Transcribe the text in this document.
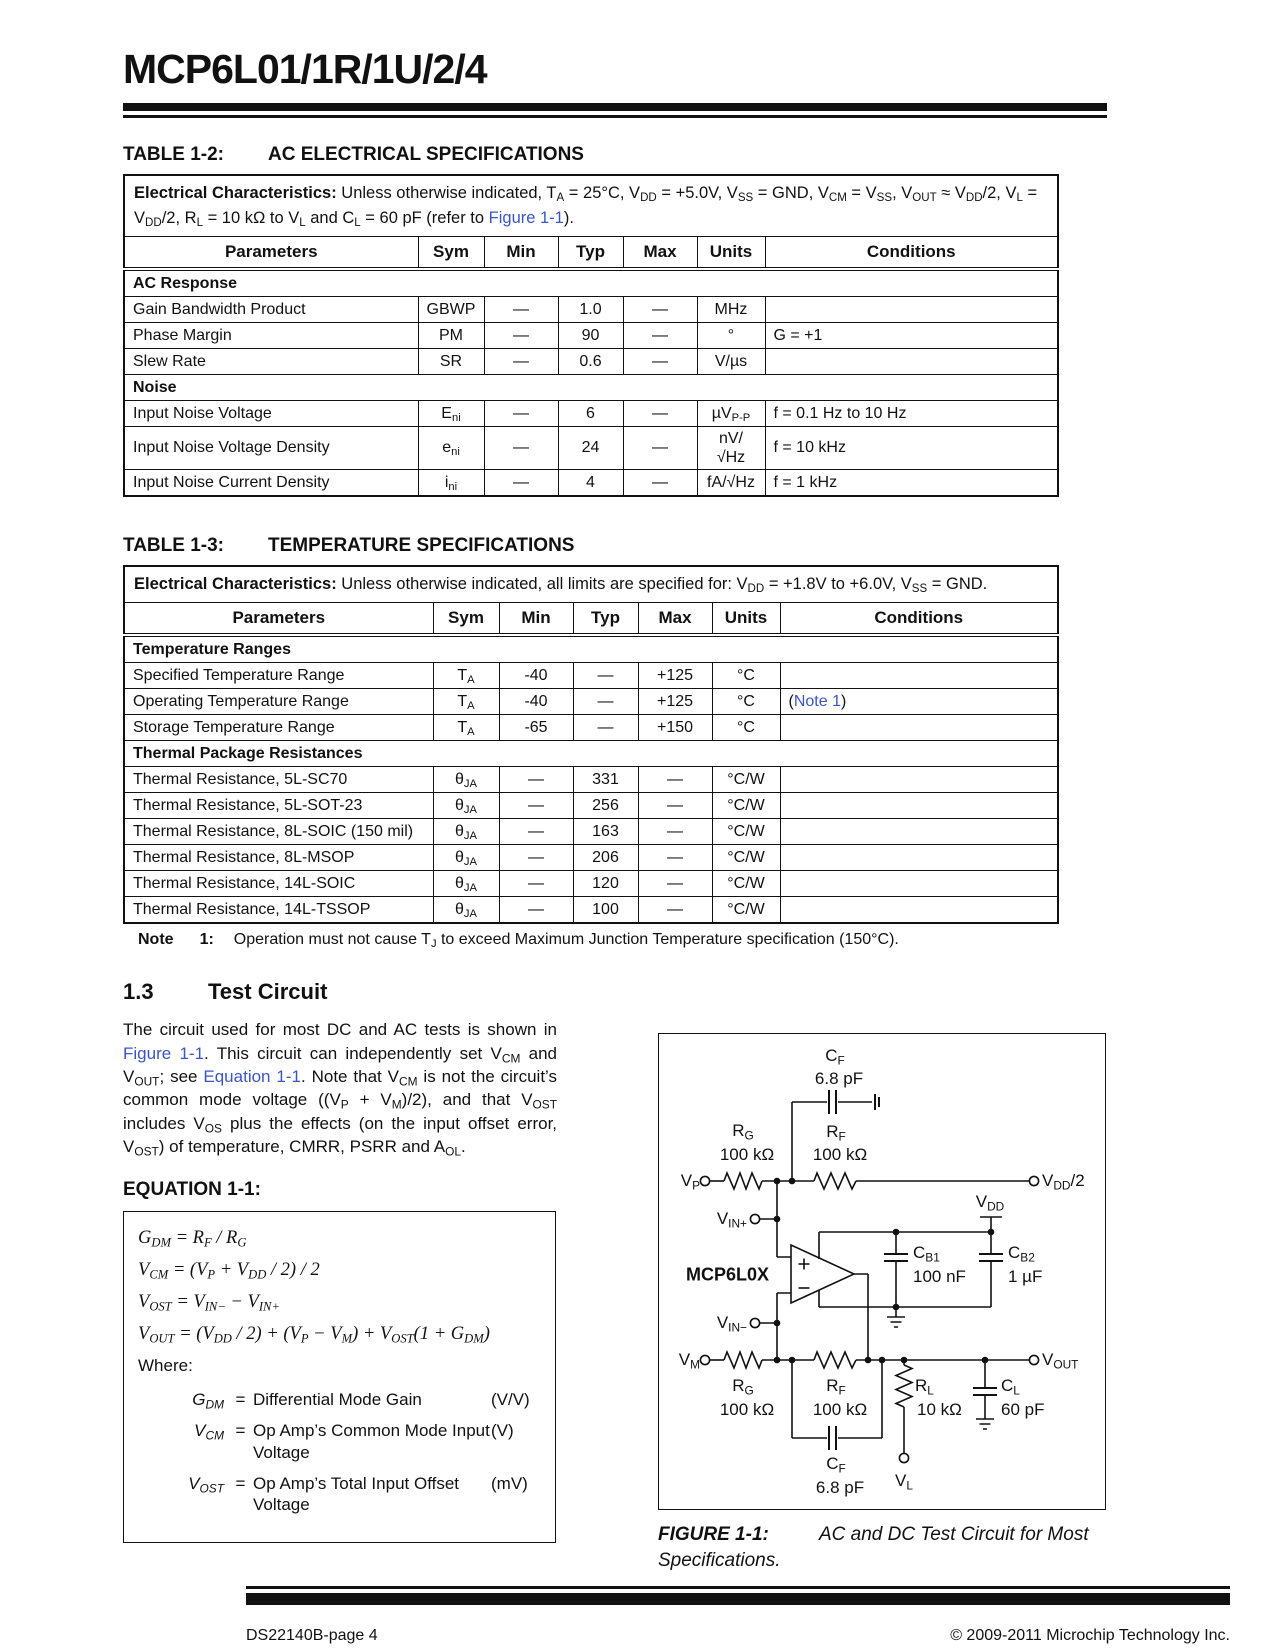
MCP6L01/1R/1U/2/4
TABLE 1-2: AC ELECTRICAL SPECIFICATIONS
Electrical Characteristics: Unless otherwise indicated, $T_A = 25^\circ C$, $V_{DD} = +5.0V$, $V_{SS}$ = GND, $V_{CM} = V_{SS}$, $V_{OUT} \approx V_{DD}/2$, $V_L = V_{DD}/2$, $R_L = 10$ kΩ to $V_L$ and $C_L = 60$ pF (refer to Figure 1-1).						
Parameters	Sym	Min	Typ	Max	Units	Conditions
AC Response						
Gain Bandwidth Product	GBWP	—	1.0	—	MHz	
Phase Margin	PM	—	90	—	°	G = +1
Slew Rate	SR	—	0.6	—	V/µs	
Noise						
Input Noise Voltage	$E_{ni}$	—	6	—	µV$_{P-P}$	f = 0.1 Hz to 10 Hz
Input Noise Voltage Density	$e_{ni}$	—	24	—	nV/√Hz	f = 10 kHz
Input Noise Current Density	$i_{ni}$	—	4	—	fA/√Hz	f = 1 kHz
TABLE 1-3: TEMPERATURE SPECIFICATIONS
Electrical Characteristics: Unless otherwise indicated, all limits are specified for: $V_{DD} = +1.8V$ to +6.0V, $V_{SS}$ = GND.						
Parameters	Sym	Min	Typ	Max	Units	Conditions
Temperature Ranges						
Specified Temperature Range	$T_A$	-40	—	+125	°C	
Operating Temperature Range	$T_A$	-40	—	+125	°C	(Note 1)
Storage Temperature Range	$T_A$	-65	—	+150	°C	
Thermal Package Resistances						
Thermal Resistance, 5L-SC70	$\theta_{JA}$	—	331	—	°C/W	
Thermal Resistance, 5L-SOT-23	$\theta_{JA}$	—	256	—	°C/W	
Thermal Resistance, 8L-SOIC (150 mil)	$\theta_{JA}$	—	163	—	°C/W	
Thermal Resistance, 8L-MSOP	$\theta_{JA}$	—	206	—	°C/W	
Thermal Resistance, 14L-SOIC	$\theta_{JA}$	—	120	—	°C/W	
Thermal Resistance, 14L-TSSOP	$\theta_{JA}$	—	100	—	°C/W	
Note 1: Operation must not cause $T_J$ to exceed Maximum Junction Temperature specification (150°C).
1.3 Test Circuit

The circuit used for most DC and AC tests is shown in Figure 1-1. This circuit can independently set $V_{CM}$ and $V_{OUT}$; see Equation 1-1. Note that $V_{CM}$ is not the circuit’s common mode voltage $((V_P + V_M)/2)$, and that $V_{OST}$ includes $V_{OS}$ plus the effects (on the input offset error, $V_{OST}$) of temperature, CMRR, PSRR and $A_{OL}$.

EQUATION 1-1:
$G_{DM} = R_F / R_G$
$V_{CM} = (V_P + V_{DD} / 2) / 2$
$V_{OST} = V_{IN-} - V_{IN+}$
$V_{OUT} = (V_{DD} / 2) + (V_P - V_M) + V_{OST}(1 + G_{DM})$
Where:
$G_{DM}$	=	Differential Mode Gain	(V/V)
$V_{CM}$	=	Op Amp’s Common Mode Input Voltage	(V)
$V_{OST}$	=	Op Amp’s Total Input Offset Voltage	(mV)
$C_F$
6.8 pF
$R_G$
100 kΩ
$R_F$
100 kΩ
$V_P$	$V_{DD}/2$
$V_{IN+}$
$V_{DD}$
MCP6L0X
$C_{B1}$
100 nF
$C_{B2}$
1 µF
$V_{IN-}$
$V_M$	$V_{OUT}$
$R_G$
100 kΩ
$R_F$
100 kΩ
$R_L$
10 kΩ
$C_L$
60 pF
$C_F$
6.8 pF $V_L$
FIGURE 1-1:	AC and DC Test Circuit for Most Specifications.
DS22140B-page 4	© 2009-2011 Microchip Technology Inc.
